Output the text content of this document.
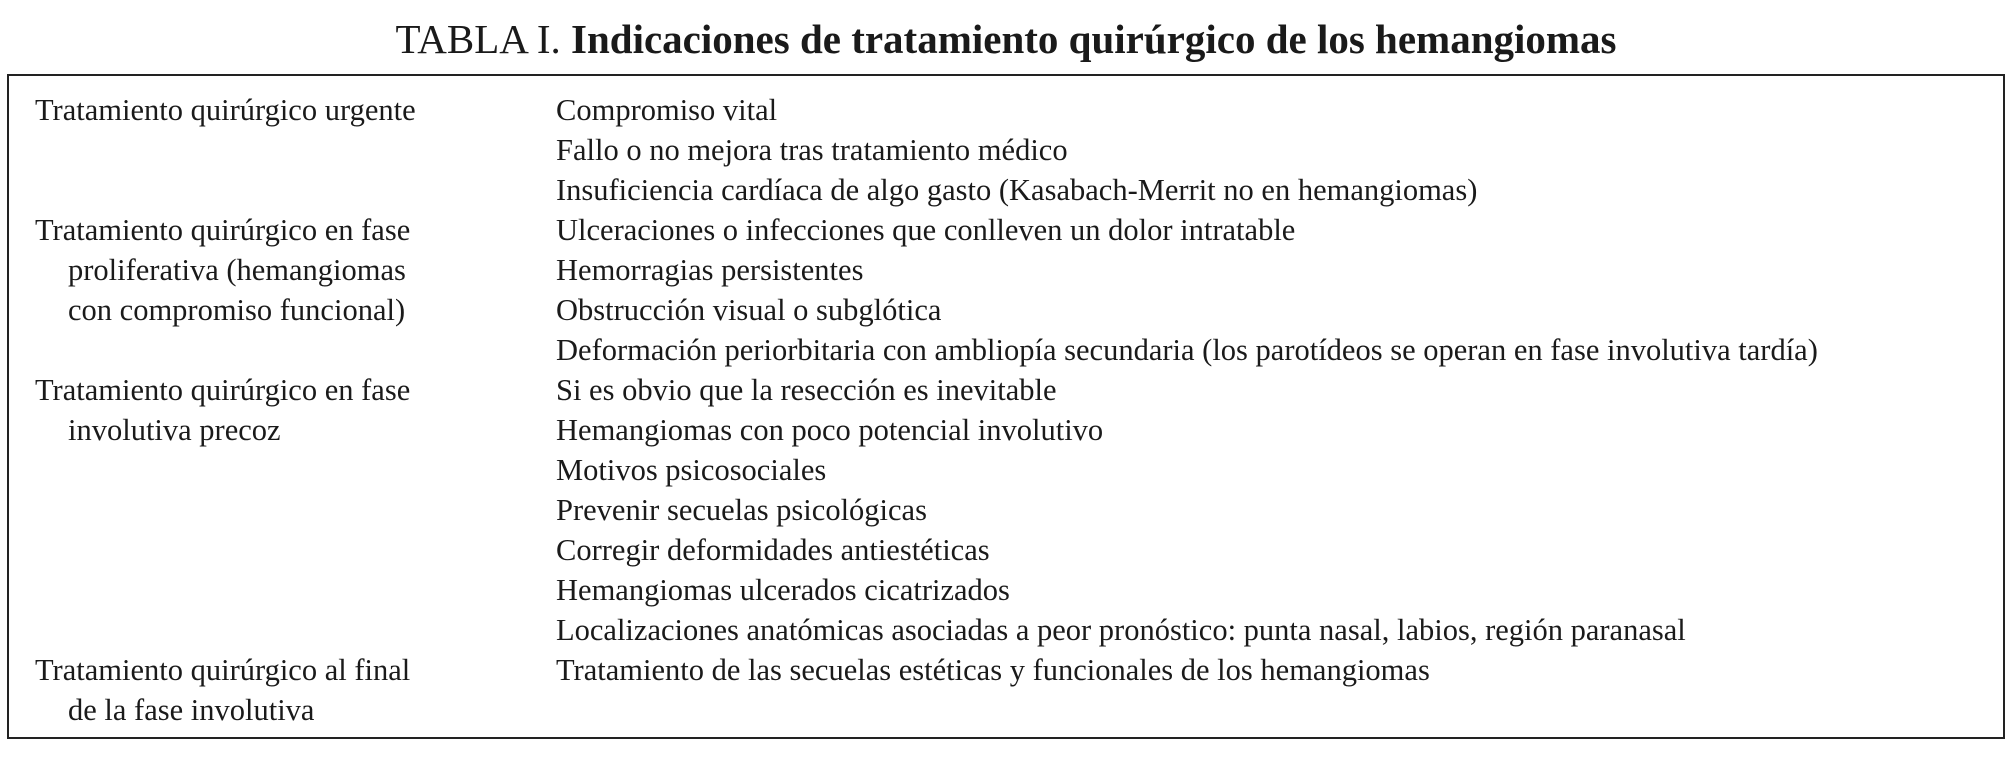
TABLA I. Indicaciones de tratamiento quirúrgico de los hemangiomas
Tratamiento quirúrgico urgente	Compromiso vital
Fallo o no mejora tras tratamiento médico
Insuficiencia cardíaca de algo gasto (Kasabach-Merrit no en hemangiomas)
Tratamiento quirúrgico en fase
proliferativa (hemangiomas
con compromiso funcional)
Ulceraciones o infecciones que conlleven un dolor intratable
Hemorragias persistentes
Obstrucción visual o subglótica
Deformación periorbitaria con ambliopía secundaria (los parotídeos se operan en fase involutiva tardía)
Tratamiento quirúrgico en fase
involutiva precoz
Si es obvio que la resección es inevitable
Hemangiomas con poco potencial involutivo
Motivos psicosociales
Prevenir secuelas psicológicas
Corregir deformidades antiestéticas
Hemangiomas ulcerados cicatrizados
Localizaciones anatómicas asociadas a peor pronóstico: punta nasal, labios, región paranasal
Tratamiento quirúrgico al final
de la fase involutiva
Tratamiento de las secuelas estéticas y funcionales de los hemangiomas
